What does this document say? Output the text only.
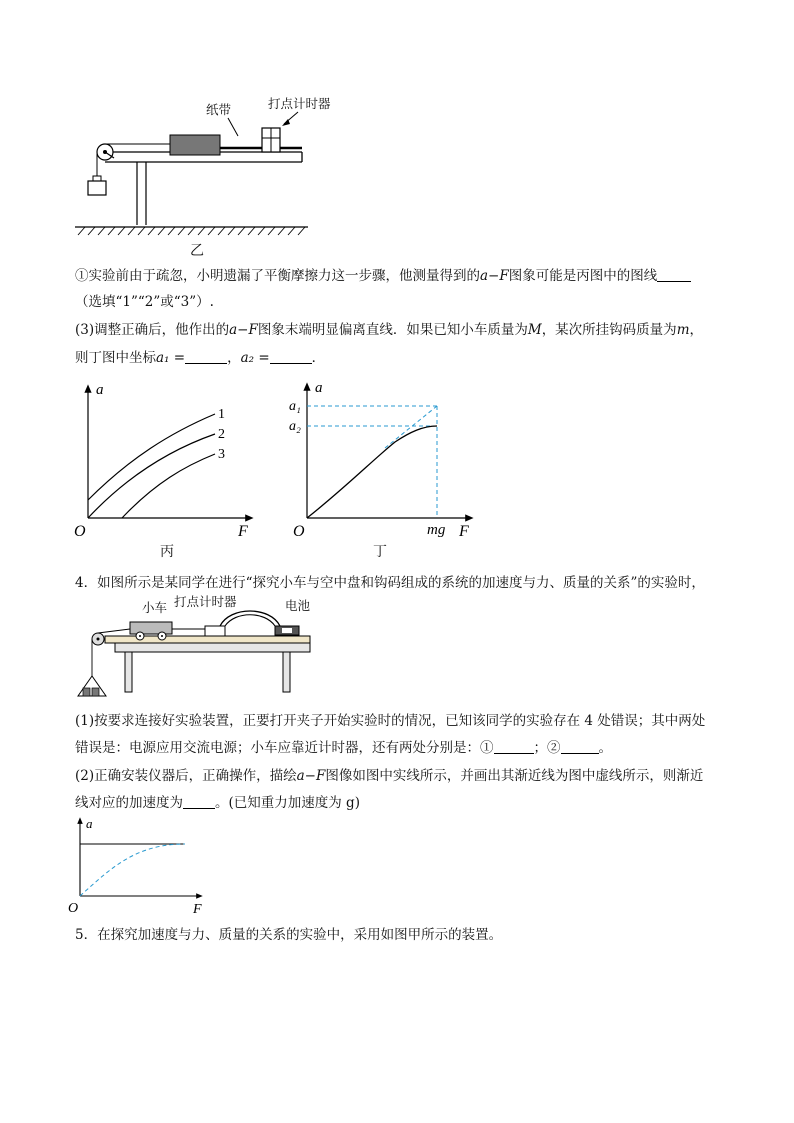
纸带	打点计时器
乙
①实验前由于疏忽，小明遗漏了平衡摩擦力这一步骤，他测量得到的a−F图象可能是丙图中的图线
（选填“1”“2”或“3”）.
(3)调整正确后，他作出的a−F图象末端明显偏离直线．如果已知小车质量为M，某次所挂钩码质量为m，
则丁图中坐标a₁ =	，a₂ =	．
a
F
O
1
2
3
丙
a
F
O
a₁
a₂
mg
丁
4．如图所示是某同学在进行“探究小车与空中盘和钩码组成的系统的加速度与力、质量的关系”的实验时，
小车 打点计时器	电池
(1)按要求连接好实验装置，正要打开夹子开始实验时的情况，已知该同学的实验存在 4 处错误；其中两处
错误是：电源应用交流电源；小车应靠近计时器，还有两处分别是：①	；②	。
(2)正确安装仪器后，正确操作，描绘a−F图像如图中实线所示，并画出其渐近线为图中虚线所示，则渐近
线对应的加速度为 。(已知重力加速度为 g)
a
F
O
5．在探究加速度与力、质量的关系的实验中，采用如图甲所示的装置。
